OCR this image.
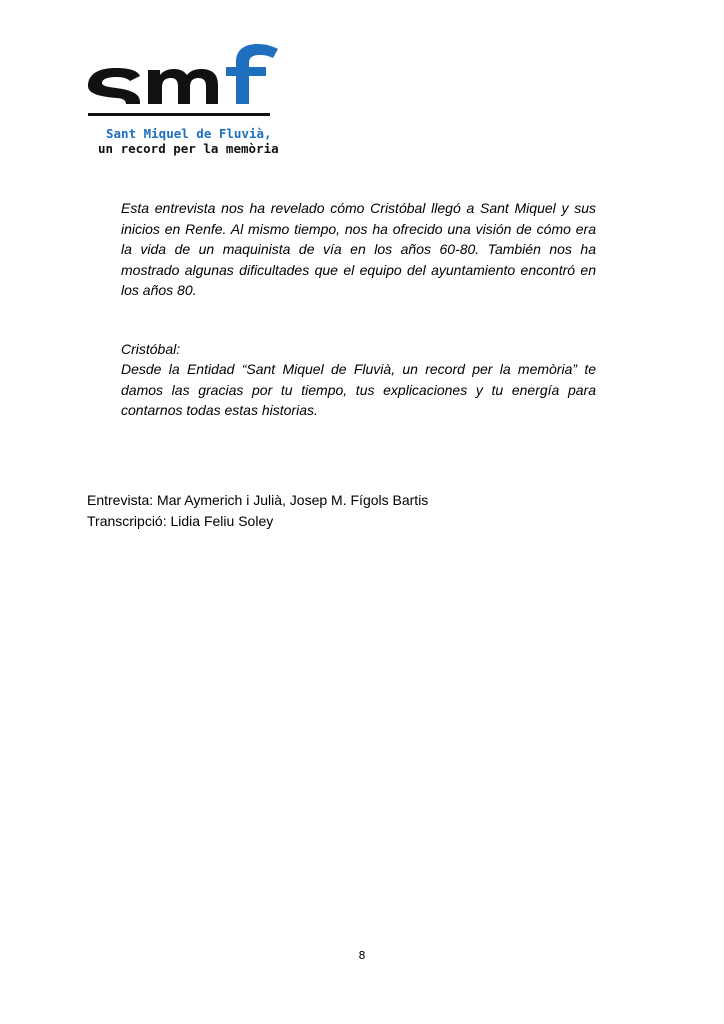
Sant Miquel de Fluvià,
un record per la memòria

Esta entrevista nos ha revelado cómo Cristóbal llegó a Sant Miquel y sus inicios en Renfe. Al mismo tiempo, nos ha ofrecido una visión de cómo era la vida de un maquinista de vía en los años 60-80. También nos ha mostrado algunas dificultades que el equipo del ayuntamiento encontró en los años 80.

Cristóbal:

Desde la Entidad “Sant Miquel de Fluvià, un record per la memòria” te damos las gracias por tu tiempo, tus explicaciones y tu energía para contarnos todas estas historias.

Entrevista: Mar Aymerich i Julià, Josep M. Fígols Bartis
Transcripció: Lidia Feliu Soley
8
